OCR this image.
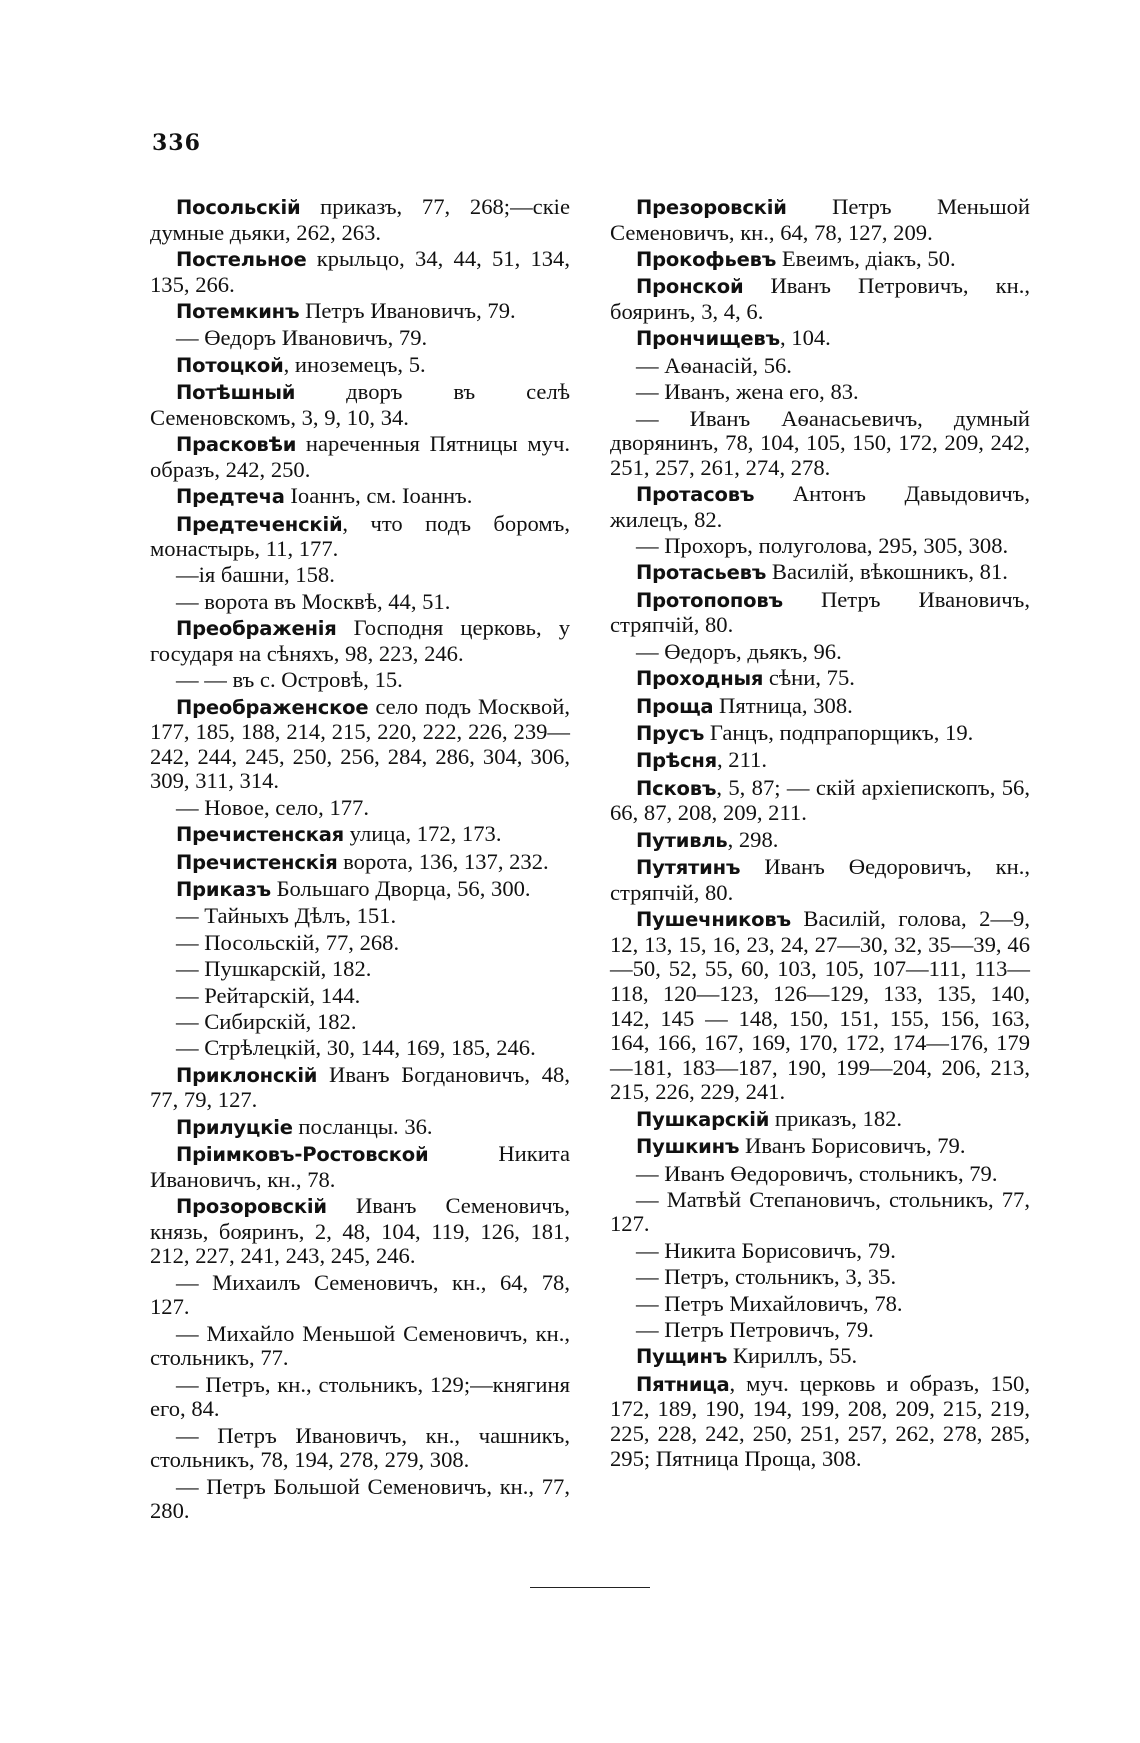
336

Посольскій приказъ, 77, 268;—скіе думные дьяки, 262, 263.

Постельное крыльцо, 34, 44, 51, 134, 135, 266.

Потемкинъ Петръ Ивановичъ, 79.

— Өедоръ Ивановичъ, 79.

Потоцкой, иноземецъ, 5.

Потѣшный дворъ въ селѣ Семеновскомъ, 3, 9, 10, 34.

Прасковѣи нареченныя Пятницы муч. образъ, 242, 250.

Предтеча Іоаннъ, см. Іоаннъ.

Предтеченскій, что подъ боромъ, монастырь, 11, 177.

—ія башни, 158.

— ворота въ Москвѣ, 44, 51.

Преображенія Господня церковь, у государя на сѣняхъ, 98, 223, 246.

— — въ с. Островѣ, 15.

Преображенское село подъ Москвой, 177, 185, 188, 214, 215, 220, 222, 226, 239—242, 244, 245, 250, 256, 284, 286, 304, 306, 309, 311, 314.

— Новое, село, 177.

Пречистенская улица, 172, 173.

Пречистенскія ворота, 136, 137, 232.

Приказъ Большаго Дворца, 56, 300.

— Тайныхъ Дѣлъ, 151.

— Посольскій, 77, 268.

— Пушкарскій, 182.

— Рейтарскій, 144.

— Сибирскій, 182.

— Стрѣлецкій, 30, 144, 169, 185, 246.

Приклонскій Иванъ Богдановичъ, 48, 77, 79, 127.

Прилуцкіе посланцы. 36.

Пріимковъ-Ростовской Никита Ивановичъ, кн., 78.

Прозоровскій Иванъ Семеновичъ, князь, бояринъ, 2, 48, 104, 119, 126, 181, 212, 227, 241, 243, 245, 246.

— Михаилъ Семеновичъ, кн., 64, 78, 127.

— Михайло Меньшой Семеновичъ, кн., стольникъ, 77.

— Петръ, кн., стольникъ, 129;—княгиня его, 84.

— Петръ Ивановичъ, кн., чашникъ, стольникъ, 78, 194, 278, 279, 308.

— Петръ Большой Семеновичъ, кн., 77, 280.

Презоровскій Петръ Меньшой Семеновичъ, кн., 64, 78, 127, 209.

Прокофьевъ Евеимъ, діакъ, 50.

Пронской Иванъ Петровичъ, кн., бояринъ, 3, 4, 6.

Прончищевъ, 104.

— Аѳанасій, 56.

— Иванъ, жена его, 83.

— Иванъ Аѳанасьевичъ, думный дворянинъ, 78, 104, 105, 150, 172, 209, 242, 251, 257, 261, 274, 278.

Протасовъ Антонъ Давыдовичъ, жилецъ, 82.

— Прохоръ, полуголова, 295, 305, 308.

Протасьевъ Василій, вѣкошникъ, 81.

Протопоповъ Петръ Ивановичъ, стряпчій, 80.

— Өедоръ, дьякъ, 96.

Проходныя сѣни, 75.

Проща Пятница, 308.

Прусъ Ганцъ, подпрапорщикъ, 19.

Прѣсня, 211.

Псковъ, 5, 87; — скій архіепископъ, 56, 66, 87, 208, 209, 211.

Путивль, 298.

Путятинъ Иванъ Өедоровичъ, кн., стряпчій, 80.

Пушечниковъ Василій, голова, 2—9, 12, 13, 15, 16, 23, 24, 27—30, 32, 35—39, 46—50, 52, 55, 60, 103, 105, 107—111, 113—118, 120—123, 126—129, 133, 135, 140, 142, 145 — 148, 150, 151, 155, 156, 163, 164, 166, 167, 169, 170, 172, 174—176, 179—181, 183—187, 190, 199—204, 206, 213, 215, 226, 229, 241.

Пушкарскій приказъ, 182.

Пушкинъ Иванъ Борисовичъ, 79.

— Иванъ Өедоровичъ, стольникъ, 79.

— Матвѣй Степановичъ, стольникъ, 77, 127.

— Никита Борисовичъ, 79.

— Петръ, стольникъ, 3, 35.

— Петръ Михайловичъ, 78.

— Петръ Петровичъ, 79.

Пущинъ Кириллъ, 55.

Пятница, муч. церковь и образъ, 150, 172, 189, 190, 194, 199, 208, 209, 215, 219, 225, 228, 242, 250, 251, 257, 262, 278, 285, 295; Пятница Проща, 308.
